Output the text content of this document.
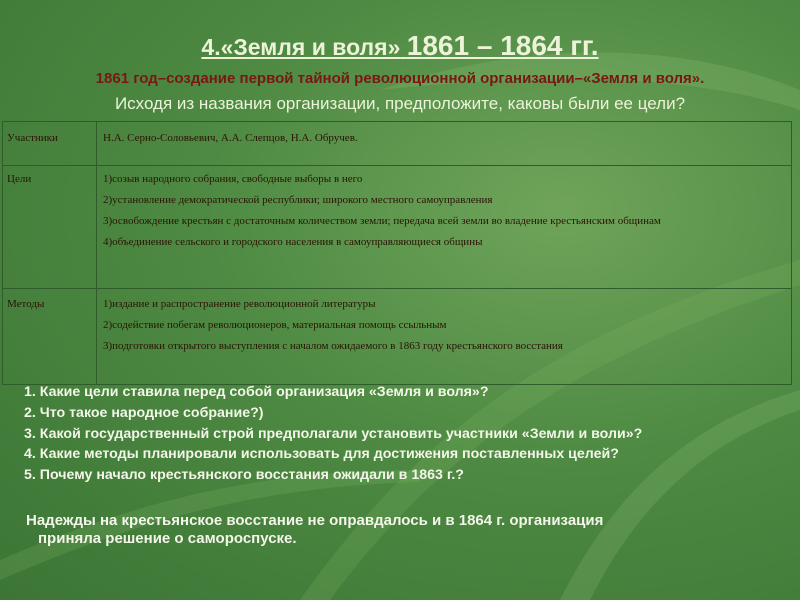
4.«Земля и воля» 1861 – 1864 гг.
1861 год–создание первой тайной революционной организации–«Земля и воля».
Исходя из названия организации, предположите, каковы были ее цели?
Участники	Н.А. Серно-Соловьевич, А.А. Слепцов, Н.А. Обручев.
Цели	1)созыв народного собрания, свободные выборы в него
2)установление демократической республики; широкого местного самоуправления
3)освобождение крестьян с достаточным количеством земли; передача всей земли во владение крестьянским общинам
4)объединение сельского и городского населения в самоуправляющиеся общины

Методы	1)издание и распространение революционной литературы
2)содействие побегам революционеров, материальная помощь ссыльным
3)подготовки открытого выступления с началом ожидаемого в 1863 году крестьянского восстания
1. Какие цели ставила перед собой организация «Земля и воля»?
2. Что такое народное собрание?)
3. Какой государственный строй предполагали установить участники «Земли и воли»?
4. Какие методы планировали использовать для достижения поставленных целей?
5. Почему начало крестьянского восстания ожидали в 1863 г.?
Надежды на крестьянское восстание не оправдалось и в 1864 г. организация
приняла решение о самороспуске.
